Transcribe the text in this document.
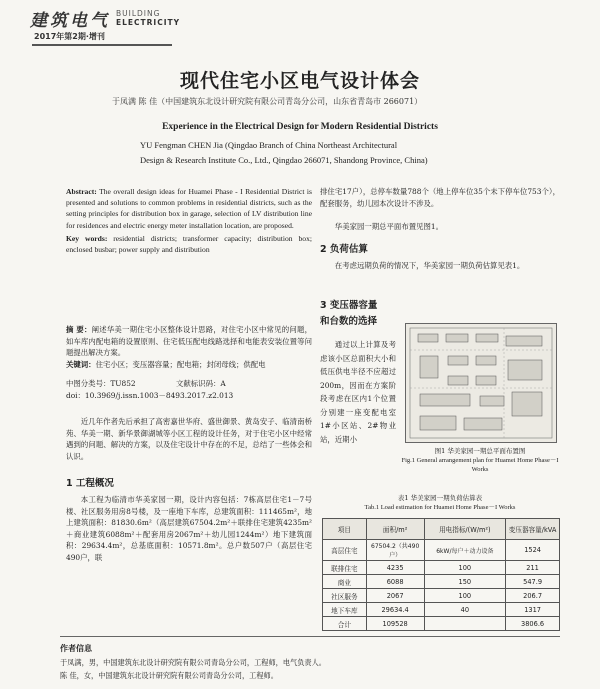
建筑电气 BUILDING
ELECTRICITY
2017年第2期·增刊
现代住宅小区电气设计体会
于凤满 陈 佳（中国建筑东北设计研究院有限公司青岛分公司，山东省青岛市 266071）
Experience in the Electrical Design for Modern Residential Districts
YU Fengman CHEN Jia (Qingdao Branch of China Northeast Architectural
Design & Research Institute Co., Ltd., Qingdao 266071, Shandong Province, China)
Abstract: The overall design ideas for Huamei Phase - I Residential District is presented and solutions to common problems in residential districts, such as the setting principles for distribution box in garage, selection of LV distribution line for residences and electric energy meter installation location, are proposed.
Key words: residential districts; transformer capacity; distribution box; enclosed busbar; power supply and distribution
摘 要：阐述华美一期住宅小区整体设计思路，对住宅小区中常见的问题，如车库内配电箱的设置原则、住宅低压配电线路选择和电能表安装位置等问题提出解决方案。
关键词：住宅小区；变压器容量；配电箱；封闭母线；供配电
中图分类号：TU852	文献标识码：A
doi：10.3969/j.issn.1003－8493.2017.z2.013
近几年作者先后承担了高密嘉世华府、盛世御景、黄岛安子、临清南桥苑、华美一期、新华景御湖城等小区工程的设计任务，对于住宅小区中经常遇到的问题、解决的方案，以及住宅设计中存在的不足，总结了一些体会和认识。
1 工程概况
本工程为临清市华美家园一期，设计内容包括：7栋高层住宅1－7号楼、社区服务用房8号楼，及一座地下车库，总建筑面积：111465m²，地上建筑面积：81830.6m²（高层建筑67504.2m²＋联排住宅建筑4235m²＋商业建筑6088m²＋配套用房2067m²＋幼儿园1244m²）地下建筑面积：29634.4m²，总基底面积：10571.8m²。总户数507户（高层住宅490户，联
排住宅17户），总停车数量788个（地上停车位35个未下停车位753个），配套服务，幼儿园本次设计不涉及。
华美家园一期总平面布置见图1。
2 负荷估算
在考虑远期负荷的情况下，华美家园一期负荷估算见表1。
3 变压器容量
和台数的选择
通过以上计算及考虑该小区总面积大小和低压供电半径不应超过200m，因而在方案阶段考虑在区内1个位置分别建一座变配电室1#小区站、2#物业站，近期小
图1 华美家园一期总平面布置图
Fig.1 General arrangement plan for Huamei Home Phase－I Works
表1 华美家园一期负荷估算表
Tab.1 Load estimation for Huamei Home Phase－I Works
项目	面积/m²	用电指标/(W/m²)	变压器容量/kVA
高层住宅	67504.2（共490户）	6kW/每户＋动力设备	1524
联排住宅	4235	100	211
商业	6088	150	547.9
社区服务	2067	100	206.7
地下车库	29634.4	40	1317
合计	109528		3806.6
作者信息
于凤满，男，中国建筑东北设计研究院有限公司青岛分公司，工程师，电气负责人。
陈 佳，女，中国建筑东北设计研究院有限公司青岛分公司，工程师。
